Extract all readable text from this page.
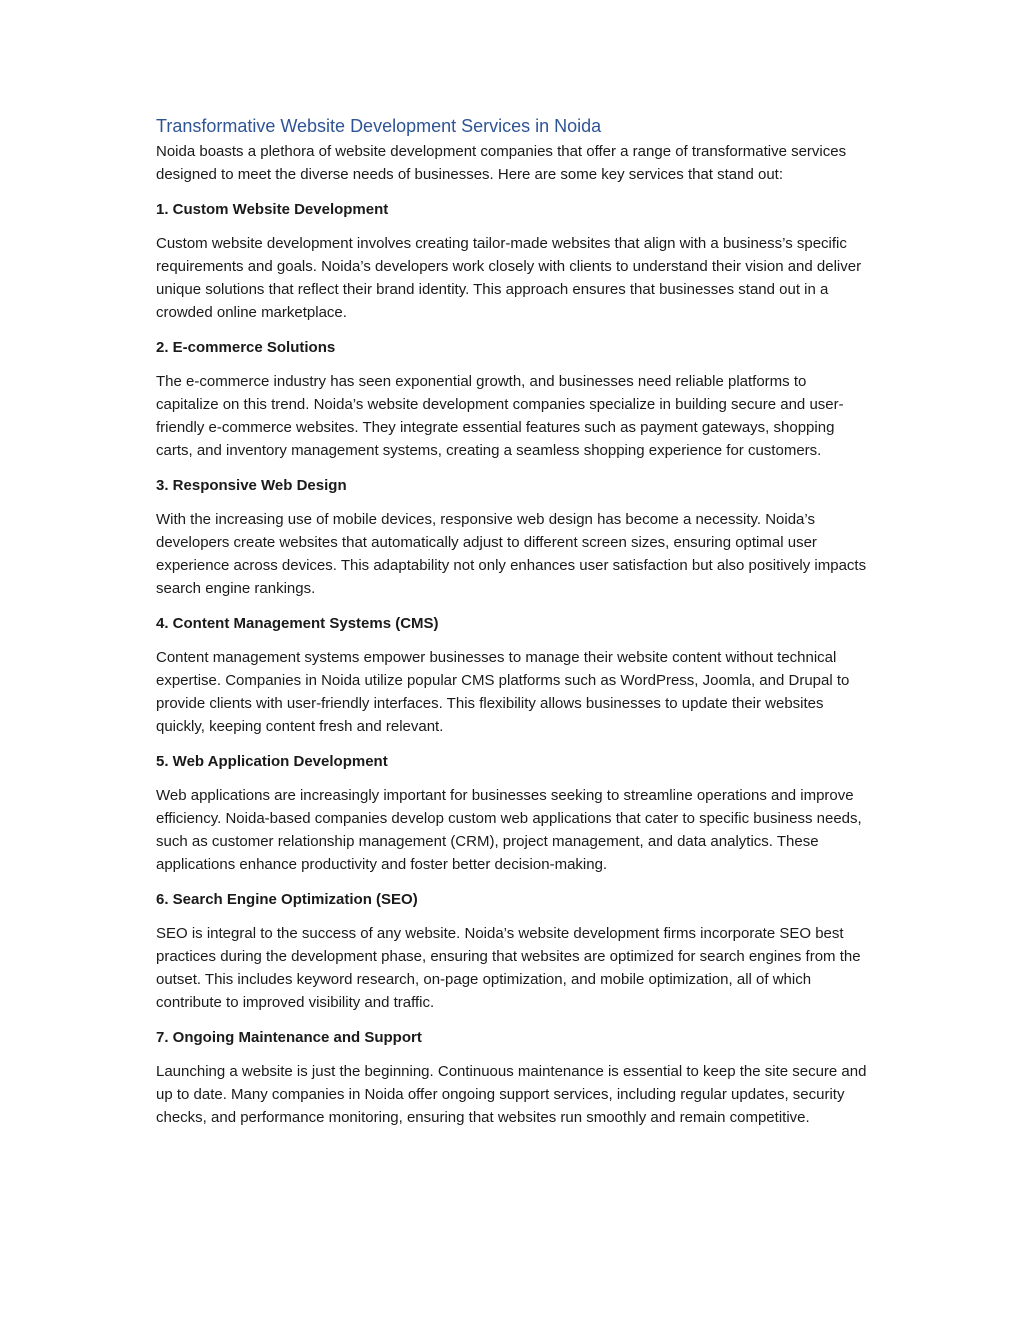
Transformative Website Development Services in Noida

Noida boasts a plethora of website development companies that offer a range of transformative services designed to meet the diverse needs of businesses. Here are some key services that stand out:

1. Custom Website Development

Custom website development involves creating tailor-made websites that align with a business’s specific requirements and goals. Noida’s developers work closely with clients to understand their vision and deliver unique solutions that reflect their brand identity. This approach ensures that businesses stand out in a crowded online marketplace.

2. E-commerce Solutions

The e-commerce industry has seen exponential growth, and businesses need reliable platforms to capitalize on this trend. Noida’s website development companies specialize in building secure and user-friendly e-commerce websites. They integrate essential features such as payment gateways, shopping carts, and inventory management systems, creating a seamless shopping experience for customers.

3. Responsive Web Design

With the increasing use of mobile devices, responsive web design has become a necessity. Noida’s developers create websites that automatically adjust to different screen sizes, ensuring optimal user experience across devices. This adaptability not only enhances user satisfaction but also positively impacts search engine rankings.

4. Content Management Systems (CMS)

Content management systems empower businesses to manage their website content without technical expertise. Companies in Noida utilize popular CMS platforms such as WordPress, Joomla, and Drupal to provide clients with user-friendly interfaces. This flexibility allows businesses to update their websites quickly, keeping content fresh and relevant.

5. Web Application Development

Web applications are increasingly important for businesses seeking to streamline operations and improve efficiency. Noida-based companies develop custom web applications that cater to specific business needs, such as customer relationship management (CRM), project management, and data analytics. These applications enhance productivity and foster better decision-making.

6. Search Engine Optimization (SEO)

SEO is integral to the success of any website. Noida’s website development firms incorporate SEO best practices during the development phase, ensuring that websites are optimized for search engines from the outset. This includes keyword research, on-page optimization, and mobile optimization, all of which contribute to improved visibility and traffic.

7. Ongoing Maintenance and Support

Launching a website is just the beginning. Continuous maintenance is essential to keep the site secure and up to date. Many companies in Noida offer ongoing support services, including regular updates, security checks, and performance monitoring, ensuring that websites run smoothly and remain competitive.
